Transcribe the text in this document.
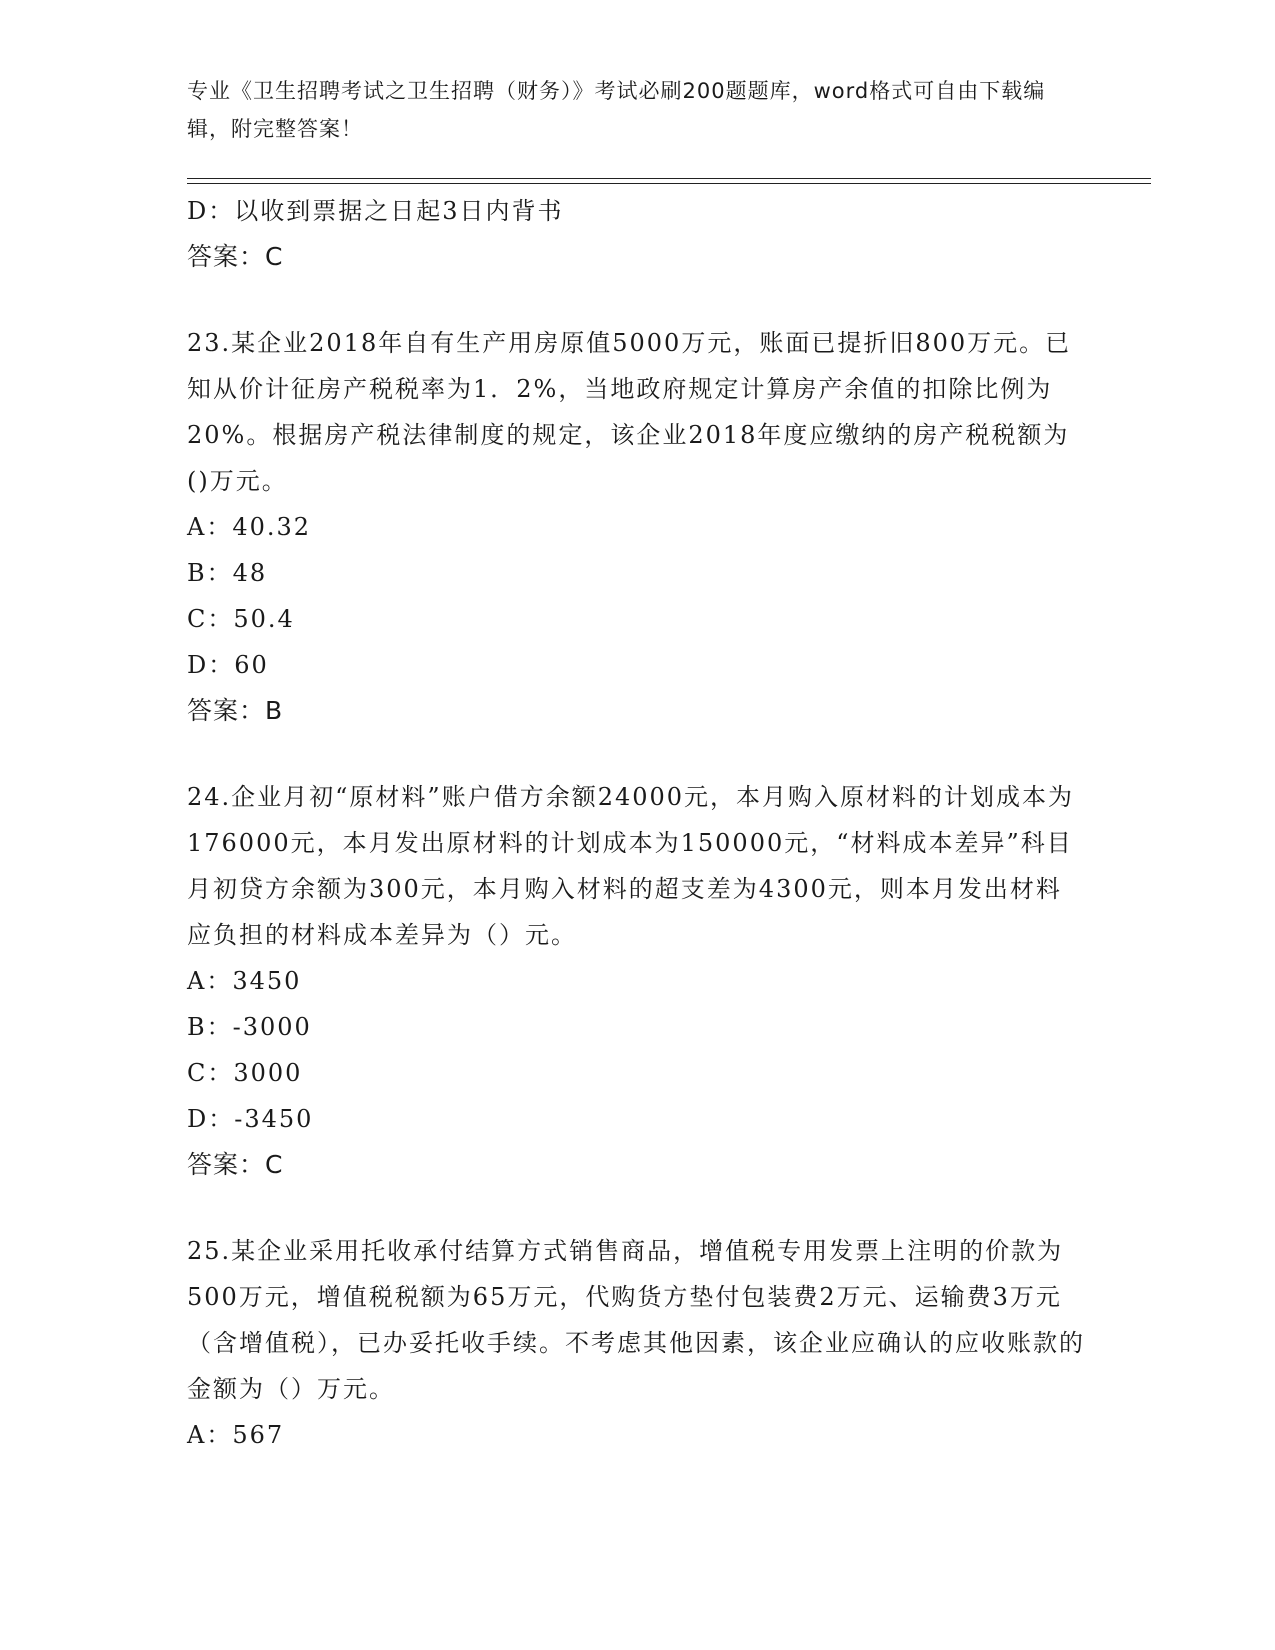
专业《卫生招聘考试之卫生招聘（财务）》考试必刷200题题库，word格式可自由下载编辑，附完整答案！
D：以收到票据之日起3日内背书
答案：C
23.某企业2018年自有生产用房原值5000万元，账面已提折旧800万元。已知从价计征房产税税率为1．2%，当地政府规定计算房产余值的扣除比例为20%。根据房产税法律制度的规定，该企业2018年度应缴纳的房产税税额为()万元。
A：40.32
B：48
C：50.4
D：60
答案：B
24.企业月初“原材料”账户借方余额24000元，本月购入原材料的计划成本为176000元，本月发出原材料的计划成本为150000元，“材料成本差异”科目月初贷方余额为300元，本月购入材料的超支差为4300元，则本月发出材料应负担的材料成本差异为（）元。
A：3450
B：-3000
C：3000
D：-3450
答案：C
25.某企业采用托收承付结算方式销售商品，增值税专用发票上注明的价款为500万元，增值税税额为65万元，代购货方垫付包装费2万元、运输费3万元（含增值税），已办妥托收手续。不考虑其他因素，该企业应确认的应收账款的金额为（）万元。
A：567
